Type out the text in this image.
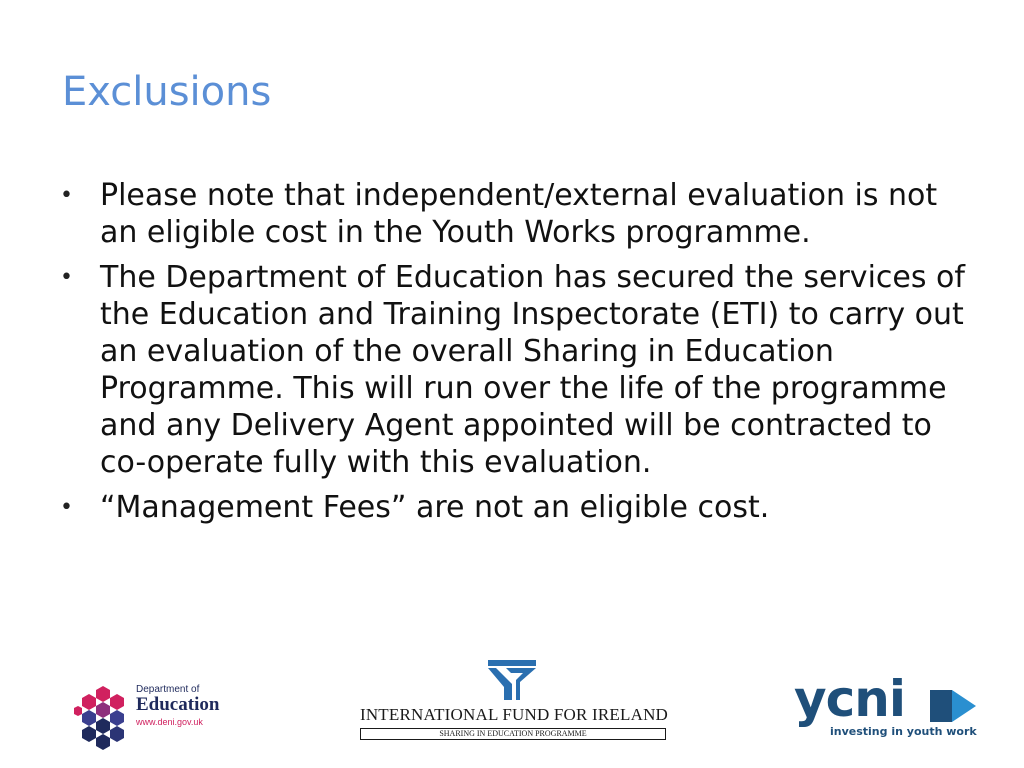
Exclusions
• Please note that independent/external evaluation is not an eligible cost in the Youth Works programme.
• The Department of Education has secured the services of the Education and Training Inspectorate (ETI) to carry out an evaluation of the overall Sharing in Education Programme. This will run over the life of the programme and any Delivery Agent appointed will be contracted to co-operate fully with this evaluation.
• “Management Fees” are not an eligible cost.
Department of
Education
www.deni.gov.uk	INTERNATIONAL FUND FOR IRELAND
SHARING IN EDUCATION PROGRAMME
ycni
investing in youth work
